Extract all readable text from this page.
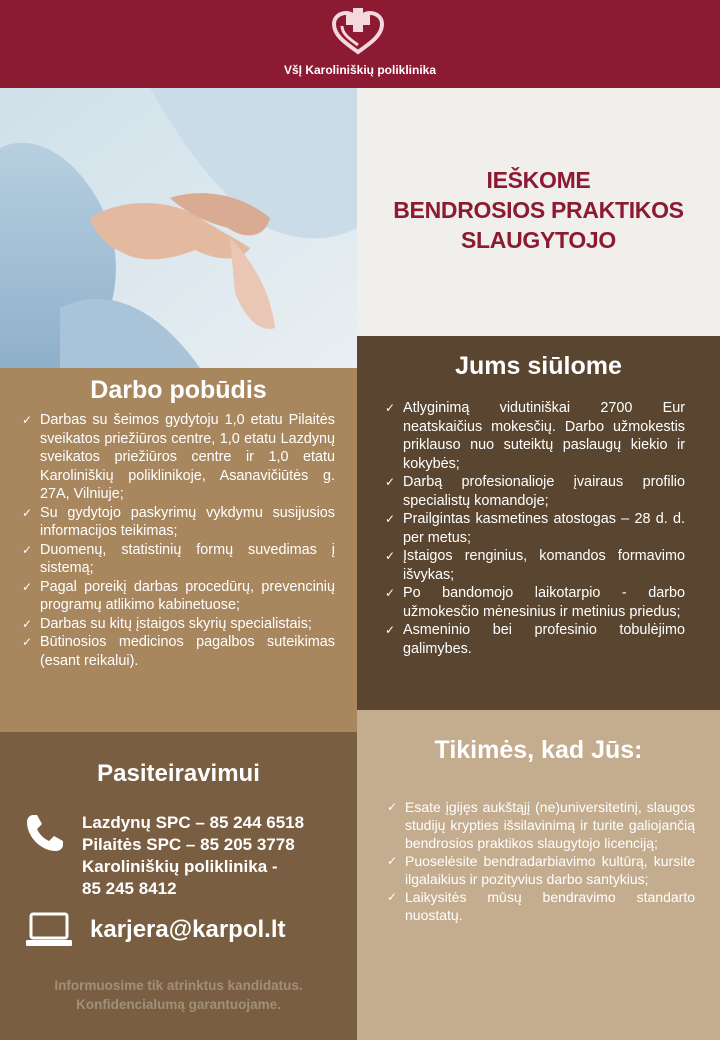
VšĮ Karoliniškių poliklinika
IEŠKOME
BENDROSIOS PRAKTIKOS
SLAUGYTOJO
Darbo pobūdis
✓ Darbas su šeimos gydytoju 1,0 etatu Pilaitės sveikatos priežiūros centre, 1,0 etatu Lazdynų sveikatos priežiūros centre ir 1,0 etatu Karoliniškių poliklinikoje, Asanavičiūtės g. 27A, Vilniuje;
✓ Su gydytojo paskyrimų vykdymu susijusios informacijos teikimas;
✓ Duomenų, statistinių formų suvedimas į sistemą;
✓ Pagal poreikį darbas procedūrų, prevencinių programų atlikimo kabinetuose;
✓ Darbas su kitų įstaigos skyrių specialistais;
✓ Būtinosios medicinos pagalbos suteikimas (esant reikalui).
Jums siūlome
✓ Atlyginimą vidutiniškai 2700 Eur neatskaičius mokesčių. Darbo užmokestis priklauso nuo suteiktų paslaugų kiekio ir kokybės;
✓ Darbą profesionalioje įvairaus profilio specialistų komandoje;
✓ Prailgintas kasmetines atostogas – 28 d. d. per metus;
✓ Įstaigos renginius, komandos formavimo išvykas;
✓ Po bandomojo laikotarpio - darbo užmokesčio mėnesinius ir metinius priedus;
✓ Asmeninio bei profesinio tobulėjimo galimybes.
Pasiteiravimui
Lazdynų SPC – 85 244 6518
Pilaitės SPC – 85 205 3778
Karoliniškių poliklinika -
85 245 8412
karjera@karpol.lt
Informuosime tik atrinktus kandidatus.
Konfidencialumą garantuojame.
Tikimės, kad Jūs:
✓ Esate įgijęs aukštąjį (ne)universitetinį, slaugos studijų krypties išsilavinimą ir turite galiojančią bendrosios praktikos slaugytojo licenciją;
✓ Puoselėsite bendradarbiavimo kultūrą, kursite ilgalaikius ir pozityvius darbo santykius;
✓ Laikysitės mūsų bendravimo standarto nuostatų.
